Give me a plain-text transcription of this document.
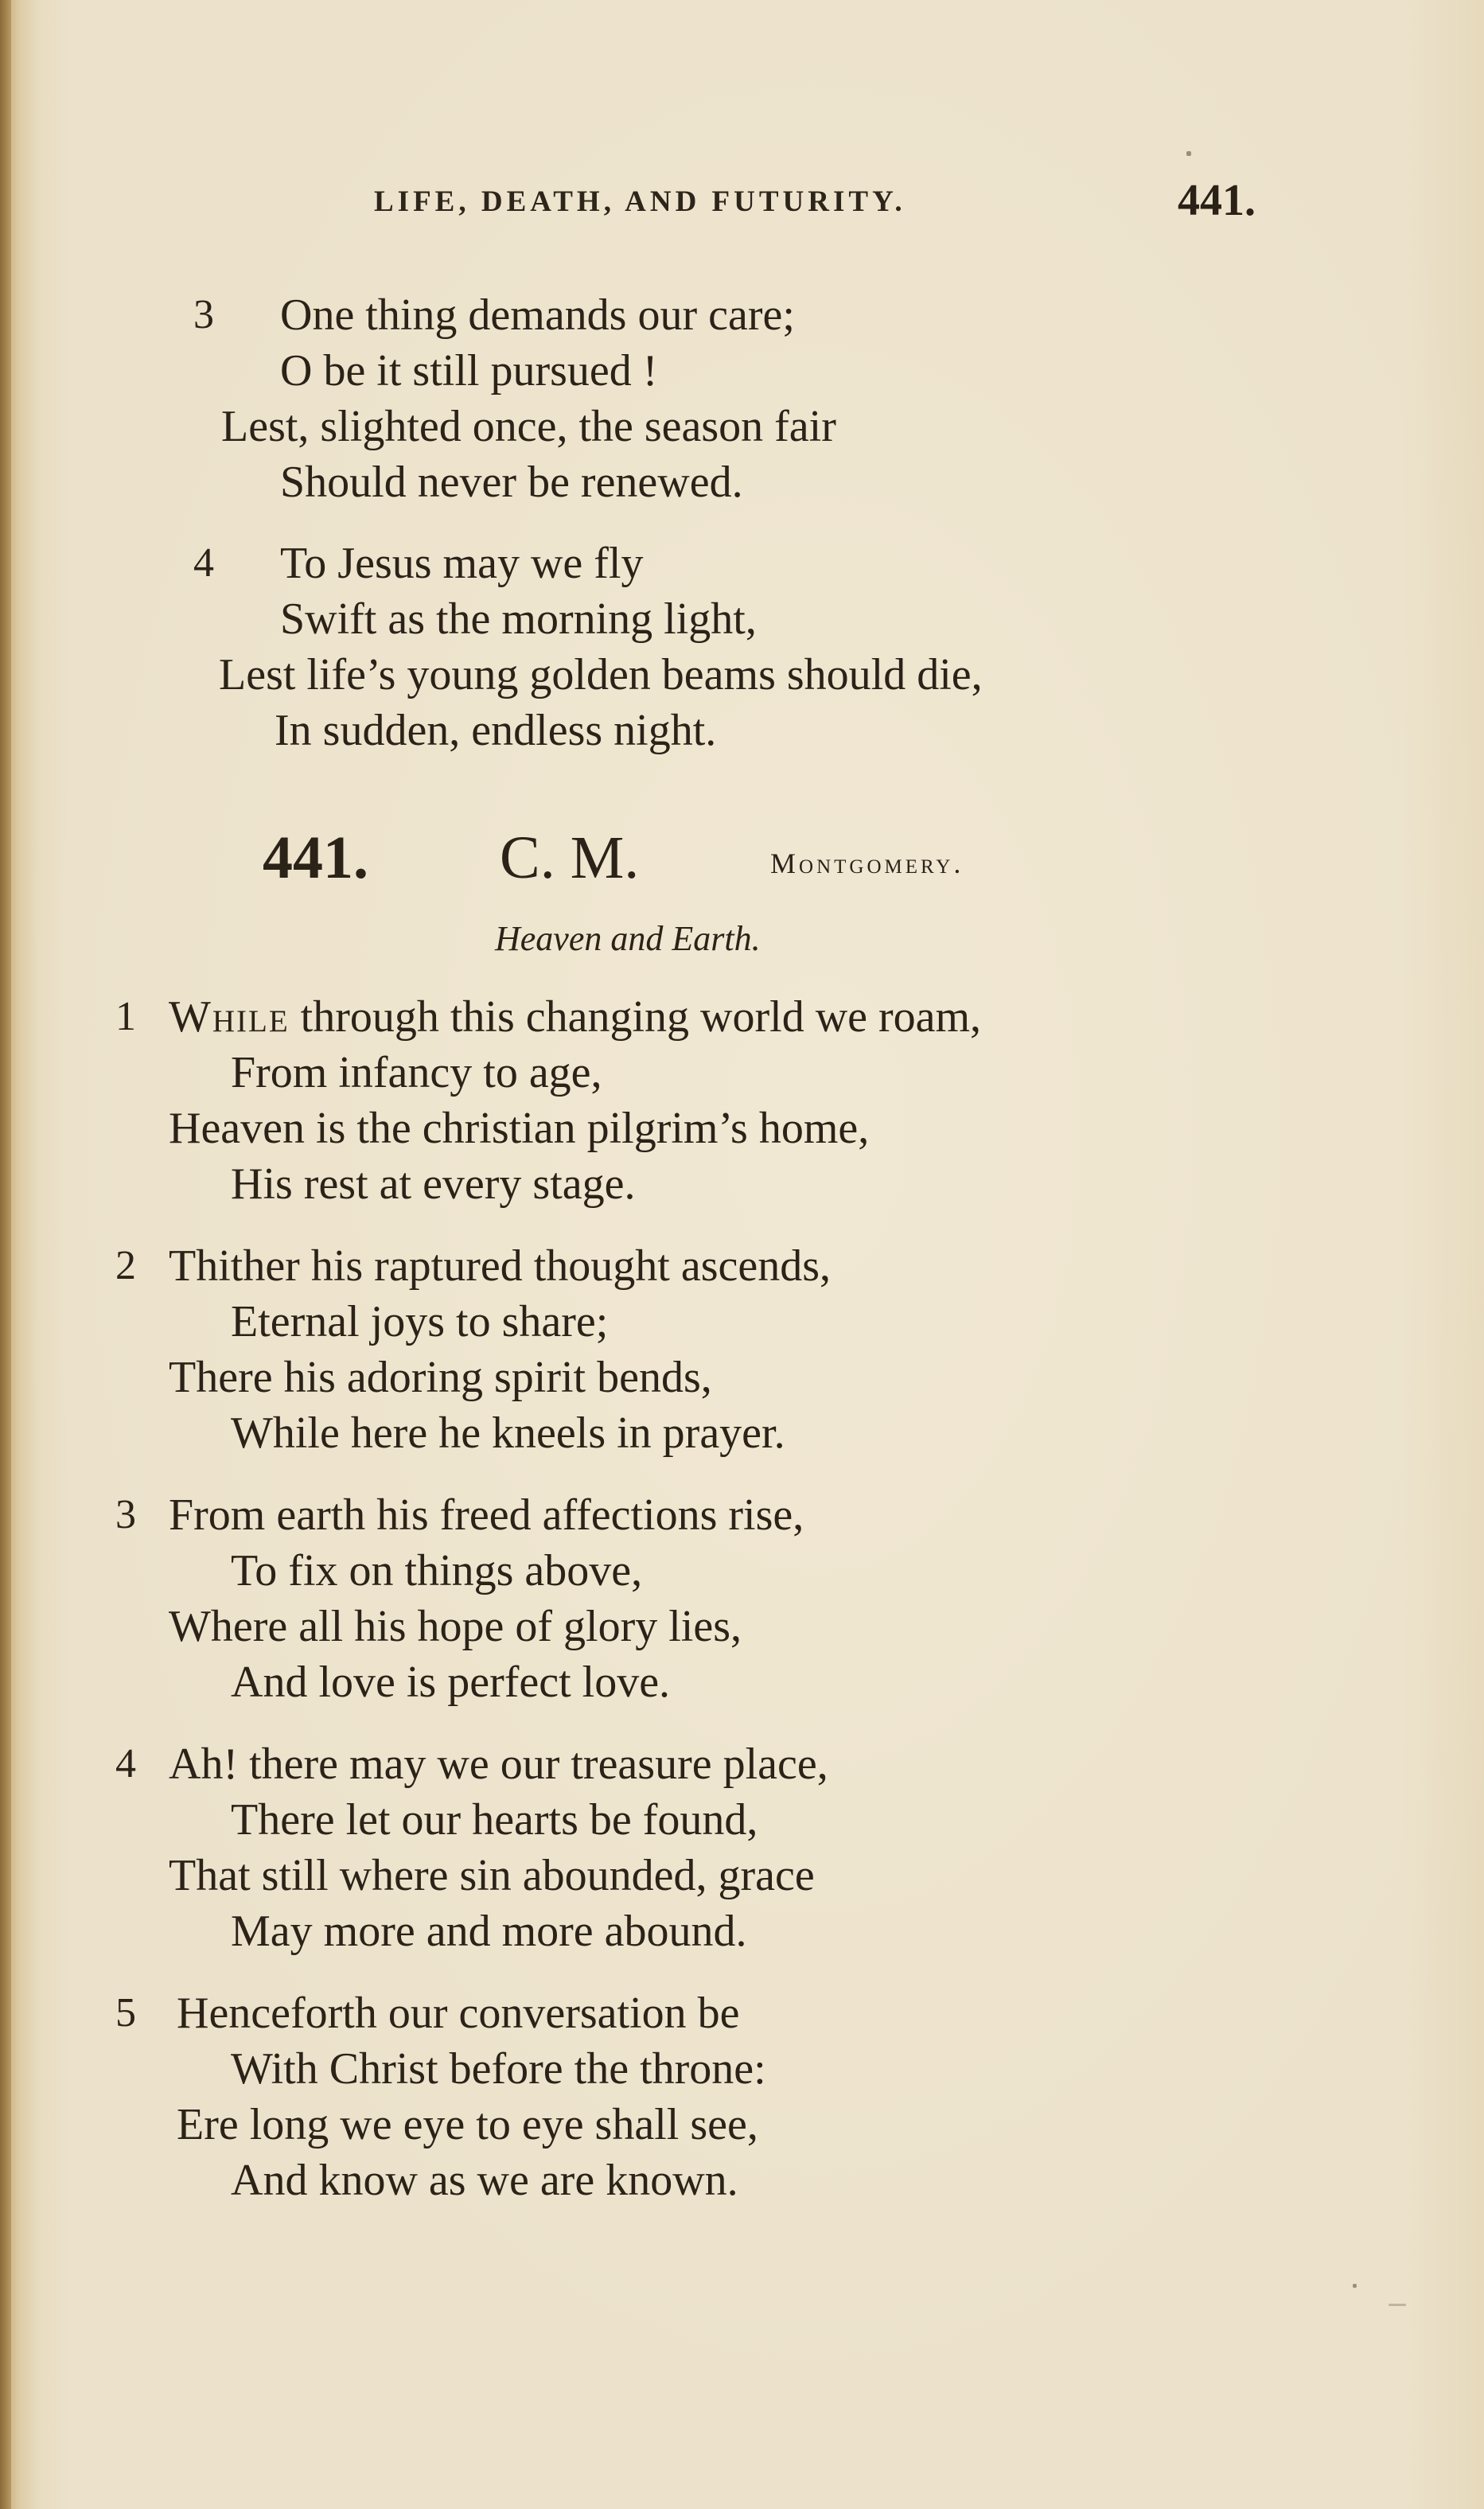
LIFE, DEATH, AND FUTURITY.	441.
3 One thing demands our care;
O be it still pursued !
Lest, slighted once, the season fair
Should never be renewed.
4 To Jesus may we fly
Swift as the morning light,
Lest life’s young golden beams should die,
In sudden, endless night.
441. C. M.	Montgomery.
Heaven and Earth.
1 While through this changing world we roam,
From infancy to age,
Heaven is the christian pilgrim’s home,
His rest at every stage.
2 Thither his raptured thought ascends,
Eternal joys to share;
There his adoring spirit bends,
While here he kneels in prayer.
3 From earth his freed affections rise,
To fix on things above,
Where all his hope of glory lies,
And love is perfect love.
4 Ah! there may we our treasure place,
There let our hearts be found,
That still where sin abounded, grace
May more and more abound.
5 Henceforth our conversation be
With Christ before the throne:
Ere long we eye to eye shall see,
And know as we are known.
